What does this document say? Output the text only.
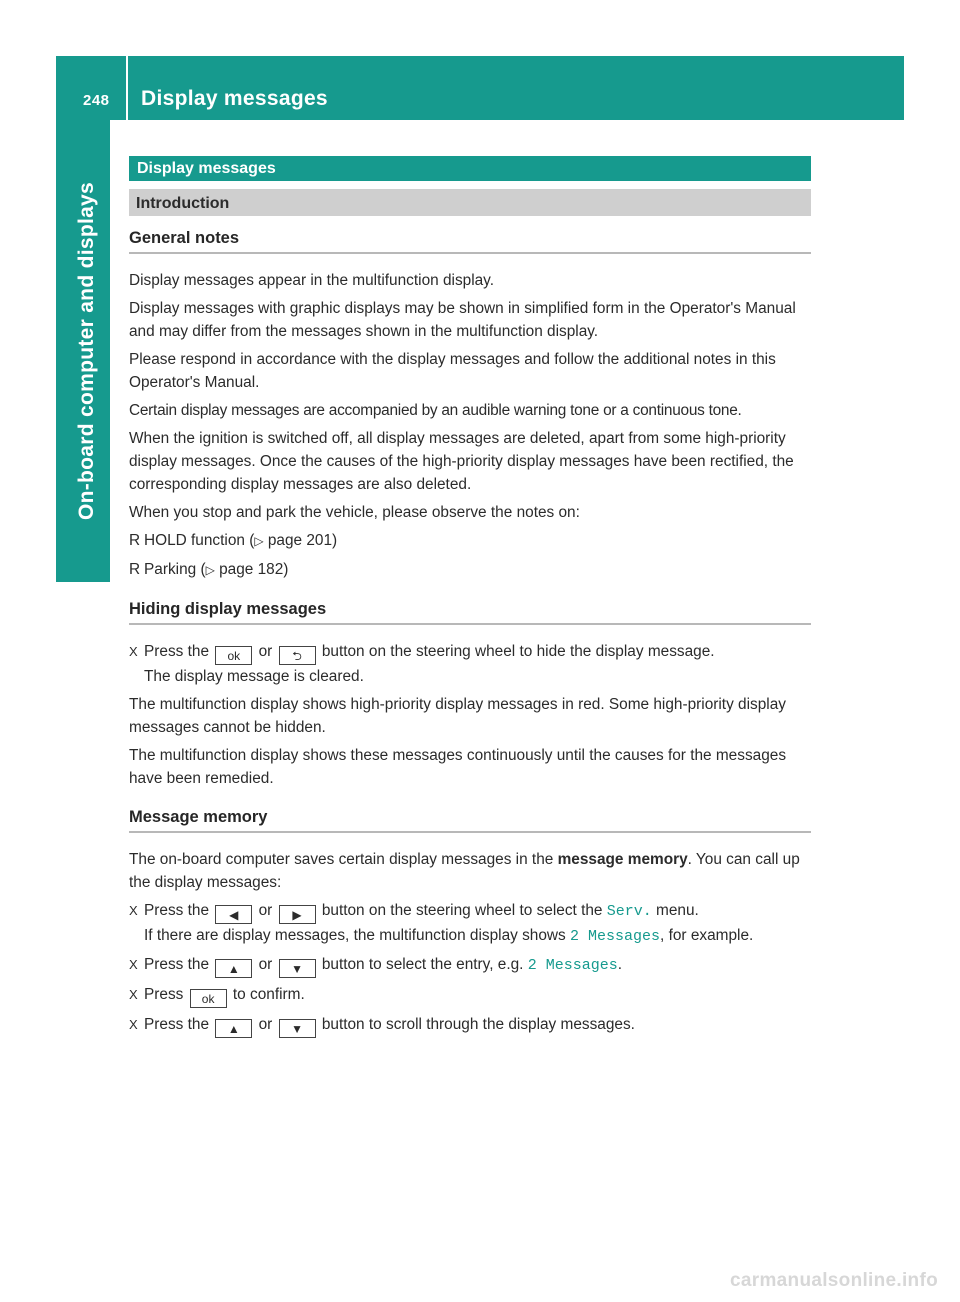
248 Display messages
On-board computer and displays
Display messages
Introduction
General notes

Display messages appear in the multifunction display.

Display messages with graphic displays may be shown in simplified form in the Operator's Manual and may differ from the messages shown in the multifunction display.

Please respond in accordance with the display messages and follow the additional notes in this Operator's Manual.

Certain display messages are accompanied by an audible warning tone or a continuous tone.

When the ignition is switched off, all display messages are deleted, apart from some high-priority display messages. Once the causes of the high-priority display messages have been rectified, the corresponding display messages are also deleted.

When you stop and park the vehicle, please observe the notes on:

R HOLD function (▷ page 201)

R Parking (▷ page 182)

Hiding display messages

X Press the ok or ⮌ button on the steering wheel to hide the display message.

The display message is cleared.

The multifunction display shows high-priority display messages in red. Some high-priority display messages cannot be hidden.

The multifunction display shows these messages continuously until the causes for the messages have been remedied.

Message memory

The on-board computer saves certain display messages in the message memory. You can call up the display messages:

X Press the ◀ or ▶ button on the steering wheel to select the Serv. menu.

If there are display messages, the multifunction display shows 2 Messages, for example.

X Press the ▲ or ▼ button to select the entry, e.g. 2 Messages.

X Press ok to confirm.

X Press the ▲ or ▼ button to scroll through the display messages.

carmanualsonline.info
